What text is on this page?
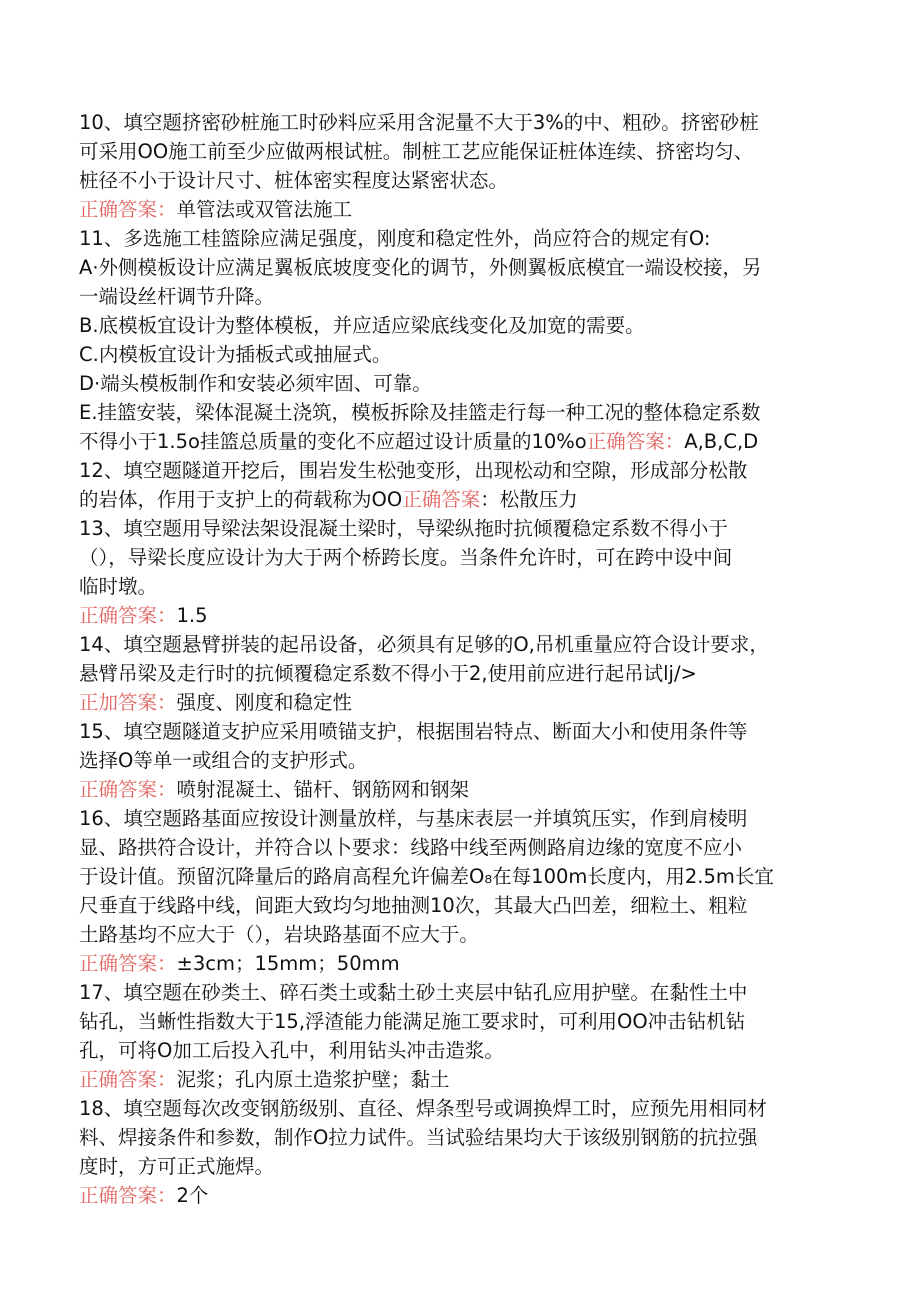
10、填空题挤密砂桩施工时砂料应采用含泥量不大于3%的中、粗砂。挤密砂桩
可采用OO施工前至少应做两根试桩。制桩工艺应能保证桩体连续、挤密均匀、
桩径不小于设计尺寸、桩体密实程度达紧密状态。
正确答案：单管法或双管法施工
11、多选施工桂篮除应满足强度，刚度和稳定性外，尚应符合的规定有O:
A·外侧模板设计应满足翼板底坡度变化的调节，外侧翼板底模宜一端设校接，另
一端设丝杆调节升降。
B.底模板宜设计为整体模板，并应适应梁底线变化及加宽的需要。
C.内模板宜设计为插板式或抽屉式。
D·端头模板制作和安装必须牢固、可靠。
E.挂篮安装，梁体混凝土浇筑，模板拆除及挂篮走行每一种工况的整体稳定系数
不得小于1.5o挂篮总质量的变化不应超过设计质量的10%o正确答案：A,B,C,D
12、填空题隧道开挖后，围岩发生松弛变形，出现松动和空隙，形成部分松散
的岩体，作用于支护上的荷载称为OO正确答案：松散压力
13、填空题用导梁法架设混凝土梁时，导梁纵拖时抗倾覆稳定系数不得小于
（），导梁长度应设计为大于两个桥跨长度。当条件允许时，可在跨中设中间
临时墩。
正确答案：1.5
14、填空题悬臂拼装的起吊设备，必须具有足够的O,吊机重量应符合设计要求，
悬臂吊梁及走行时的抗倾覆稳定系数不得小于2,使用前应进行起吊试lj/>
正加答案：强度、刚度和稳定性
15、填空题隧道支护应采用喷锚支护，根据围岩特点、断面大小和使用条件等
选择O等单一或组合的支护形式。
正确答案：喷射混凝土、锚杆、钢筋网和钢架
16、填空题路基面应按设计测量放样，与基床表层一并填筑压实，作到肩棱明
显、路拱符合设计，并符合以卜要求：线路中线至两侧路肩边缘的宽度不应小
于设计值。预留沉降量后的路肩高程允许偏差O₈在每100m长度内，用2.5m长宜
尺垂直于线路中线，间距大致均匀地抽测10次，其最大凸凹差，细粒土、粗粒
土路基均不应大于（），岩块路基面不应大于。
正确答案：±3cm；15mm；50mm
17、填空题在砂类土、碎石类土或黏土砂土夹层中钻孔应用护壁。在黏性土中
钻孔，当蜥性指数大于15,浮渣能力能满足施工要求时，可利用OO冲击钻机钻
孔，可将O加工后投入孔中，利用钻头冲击造浆。
正确答案：泥浆；孔内原土造浆护壁；黏土
18、填空题每次改变钢筋级别、直径、焊条型号或调换焊工时，应预先用相同材
料、焊接条件和参数，制作O拉力试件。当试验结果均大于该级别钢筋的抗拉强
度时，方可正式施焊。
正确答案：2个
